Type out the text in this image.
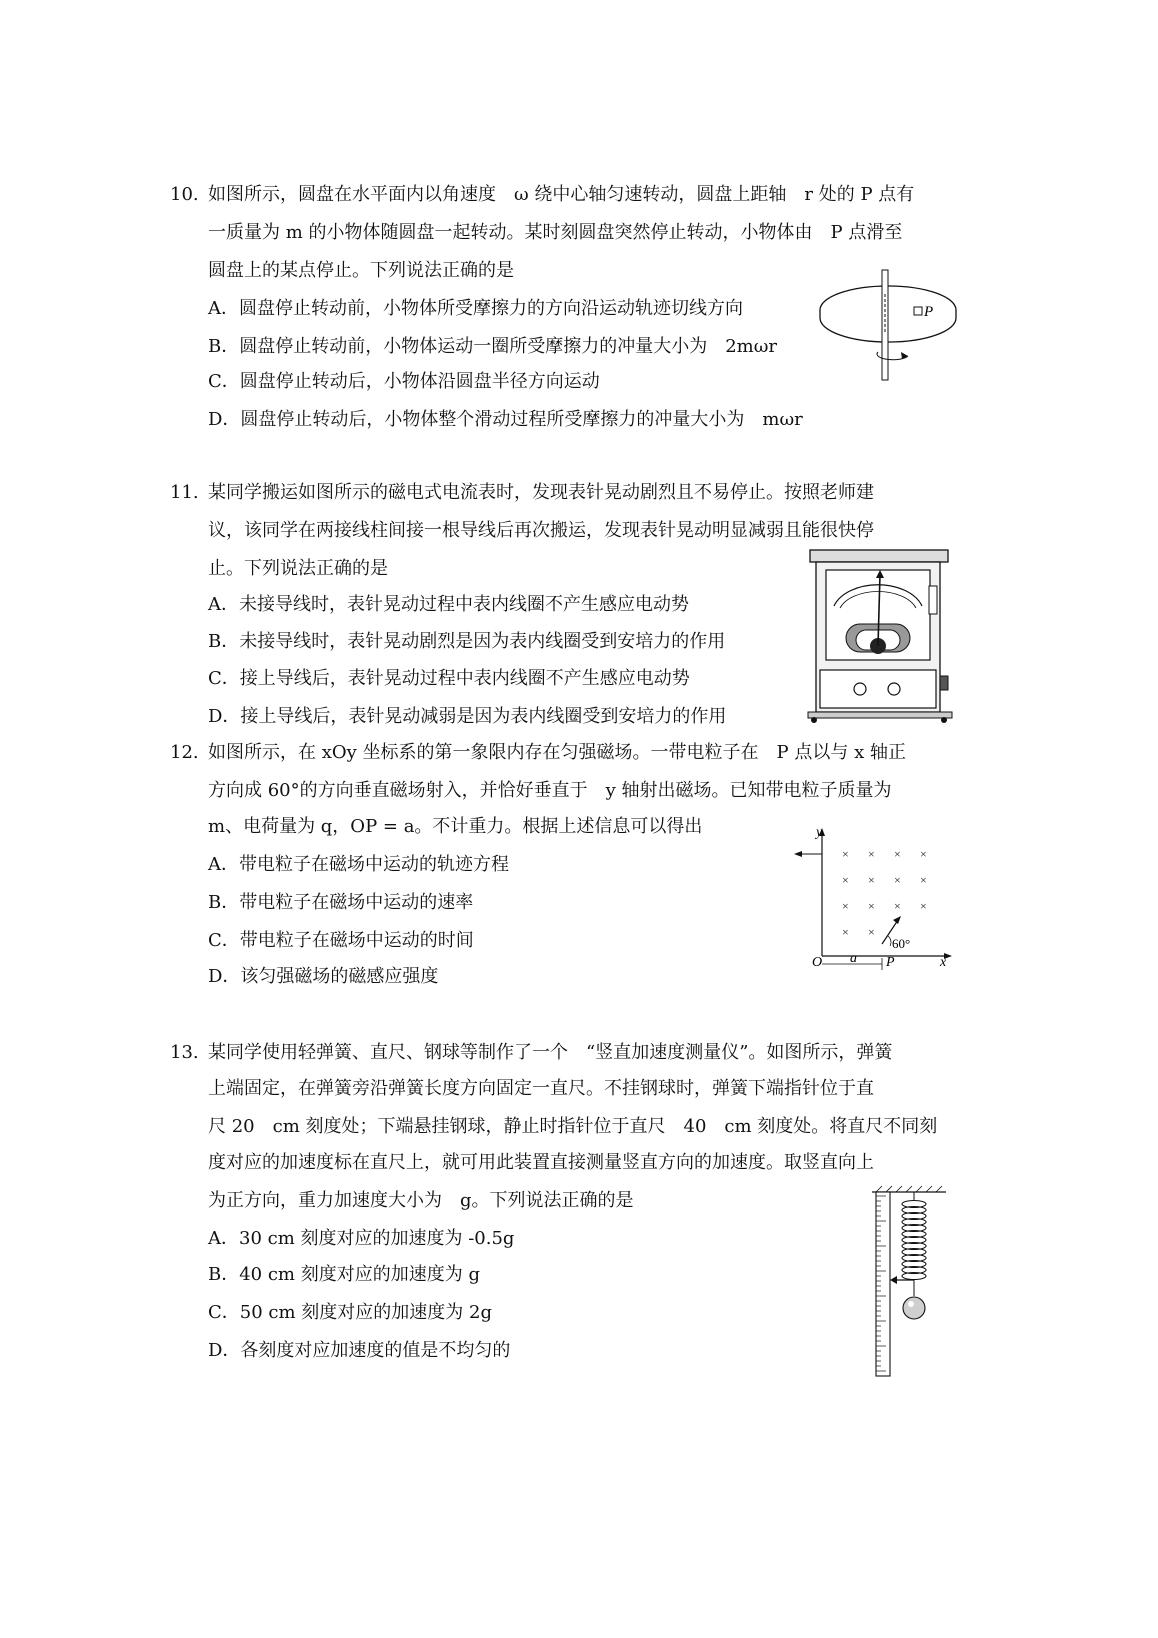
10. 如图所示，圆盘在水平面内以角速度　ω 绕中心轴匀速转动，圆盘上距轴　r 处的 P 点有
一质量为 m 的小物体随圆盘一起转动。某时刻圆盘突然停止转动，小物体由　P 点滑至
圆盘上的某点停止。下列说法正确的是
A．圆盘停止转动前，小物体所受摩擦力的方向沿运动轨迹切线方向
B．圆盘停止转动前，小物体运动一圈所受摩擦力的冲量大小为　2mωr
C．圆盘停止转动后，小物体沿圆盘半径方向运动
D．圆盘停止转动后，小物体整个滑动过程所受摩擦力的冲量大小为　mωr
P
11. 某同学搬运如图所示的磁电式电流表时，发现表针晃动剧烈且不易停止。按照老师建
议，该同学在两接线柱间接一根导线后再次搬运，发现表针晃动明显减弱且能很快停
止。下列说法正确的是
A．未接导线时，表针晃动过程中表内线圈不产生感应电动势
B．未接导线时，表针晃动剧烈是因为表内线圈受到安培力的作用
C．接上导线后，表针晃动过程中表内线圈不产生感应电动势
D．接上导线后，表针晃动减弱是因为表内线圈受到安培力的作用
12. 如图所示，在 xOy 坐标系的第一象限内存在匀强磁场。一带电粒子在　P 点以与 x 轴正
方向成 60°的方向垂直磁场射入，并恰好垂直于　y 轴射出磁场。已知带电粒子质量为
m、电荷量为 q，OP = a。不计重力。根据上述信息可以得出
A．带电粒子在磁场中运动的轨迹方程
B．带电粒子在磁场中运动的速率
C．带电粒子在磁场中运动的时间
D．该匀强磁场的磁感应强度
× × × ×
× × × ×
× × × ×
× ×
y
x
O a P
60°
13. 某同学使用轻弹簧、直尺、钢球等制作了一个　“竖直加速度测量仪”。如图所示，弹簧
上端固定，在弹簧旁沿弹簧长度方向固定一直尺。不挂钢球时，弹簧下端指针位于直
尺 20　cm 刻度处；下端悬挂钢球，静止时指针位于直尺　40　cm 刻度处。将直尺不同刻
度对应的加速度标在直尺上，就可用此装置直接测量竖直方向的加速度。取竖直向上
为正方向，重力加速度大小为　g。下列说法正确的是
A．30 cm 刻度对应的加速度为 -0.5g
B．40 cm 刻度对应的加速度为 g
C．50 cm 刻度对应的加速度为 2g
D．各刻度对应加速度的值是不均匀的
